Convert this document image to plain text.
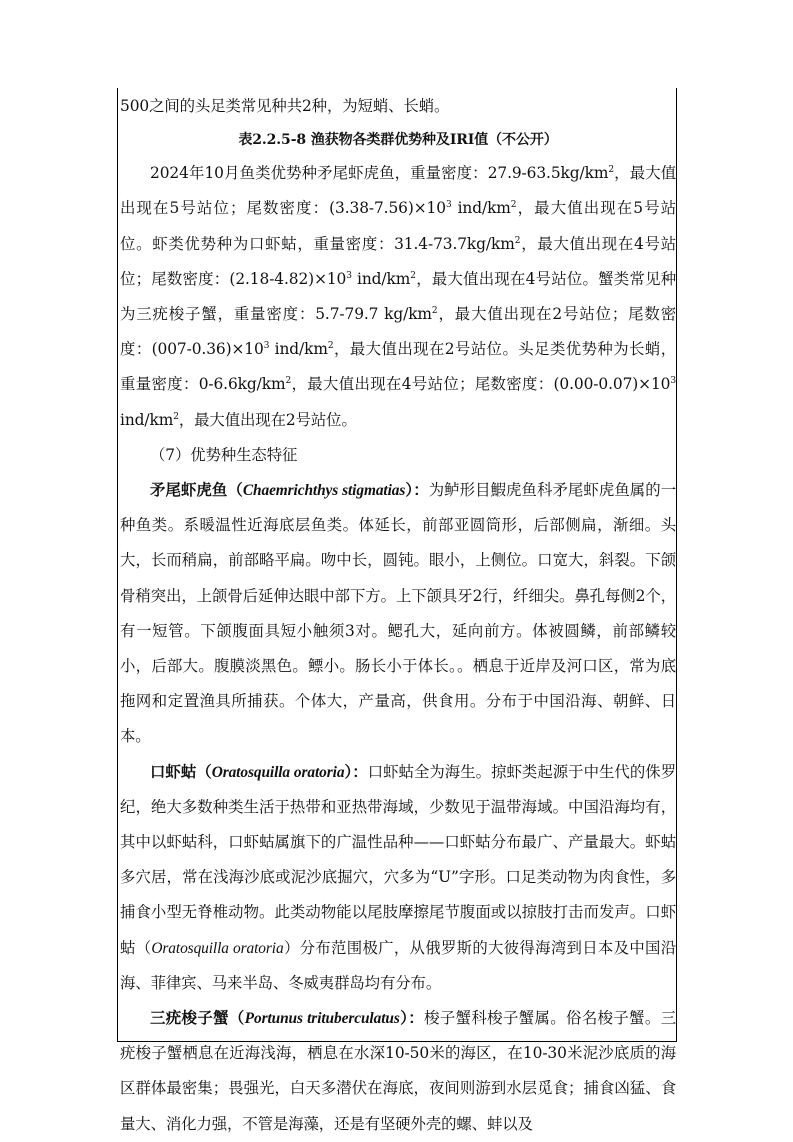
500之间的头足类常见种共2种，为短蛸、长蛸。

表2.2.5-8 渔获物各类群优势种及IRI值（不公开）

2024年10月鱼类优势种矛尾虾虎鱼，重量密度：$27.9-63.5kg/km^2$，最大值出现在5号站位；尾数密度：$(3.38-7.56)\times 10^3$ ind/$km^2$，最大值出现在5号站位。虾类优势种为口虾蛄，重量密度：$31.4-73.7kg/km^2$，最大值出现在4号站位；尾数密度：$(2.18-4.82)\times 10^3$ ind/$km^2$，最大值出现在4号站位。蟹类常见种为三疣梭子蟹，重量密度：5.7-79.7 $kg/km^2$，最大值出现在2号站位；尾数密度：$(007-0.36)\times 10^3$ ind/$km^2$，最大值出现在2号站位。头足类优势种为长蛸，重量密度：$0-6.6kg/km^2$，最大值出现在4号站位；尾数密度：$(0.00-0.07)\times 10^3$ ind/$km^2$，最大值出现在2号站位。

（7）优势种生态特征

矛尾虾虎鱼（Chaemrichthys stigmatias）：为鲈形目鰕虎鱼科矛尾虾虎鱼属的一种鱼类。系暖温性近海底层鱼类。体延长，前部亚圆筒形，后部侧扁，渐细。头大，长而稍扁，前部略平扁。吻中长，圆钝。眼小，上侧位。口宽大，斜裂。下颌骨稍突出，上颌骨后延伸达眼中部下方。上下颌具牙2行，纤细尖。鼻孔每侧2个，有一短管。下颌腹面具短小触须3对。鳃孔大，延向前方。体被圆鳞，前部鳞较小，后部大。腹膜淡黑色。鳔小。肠长小于体长。。栖息于近岸及河口区，常为底拖网和定置渔具所捕获。个体大，产量高，供食用。分布于中国沿海、朝鲜、日本。

口虾蛄（Oratosquilla oratoria）：口虾蛄全为海生。掠虾类起源于中生代的侏罗纪，绝大多数种类生活于热带和亚热带海域，少数见于温带海域。中国沿海均有，其中以虾蛄科，口虾蛄属旗下的广温性品种——口虾蛄分布最广、产量最大。虾蛄多穴居，常在浅海沙底或泥沙底掘穴，穴多为“U”字形。口足类动物为肉食性，多捕食小型无脊椎动物。此类动物能以尾肢摩擦尾节腹面或以掠肢打击而发声。口虾蛄（Oratosquilla oratoria）分布范围极广，从俄罗斯的大彼得海湾到日本及中国沿海、菲律宾、马来半岛、冬威夷群岛均有分布。

三疣梭子蟹（Portunus trituberculatus）：梭子蟹科梭子蟹属。俗名梭子蟹。三疣梭子蟹栖息在近海浅海，栖息在水深10-50米的海区，在10-30米泥沙底质的海区群体最密集；畏强光，白天多潜伏在海底，夜间则游到水层觅食；捕食凶猛、食量大、消化力强，不管是海藻，还是有坚硬外壳的螺、蚌以及
